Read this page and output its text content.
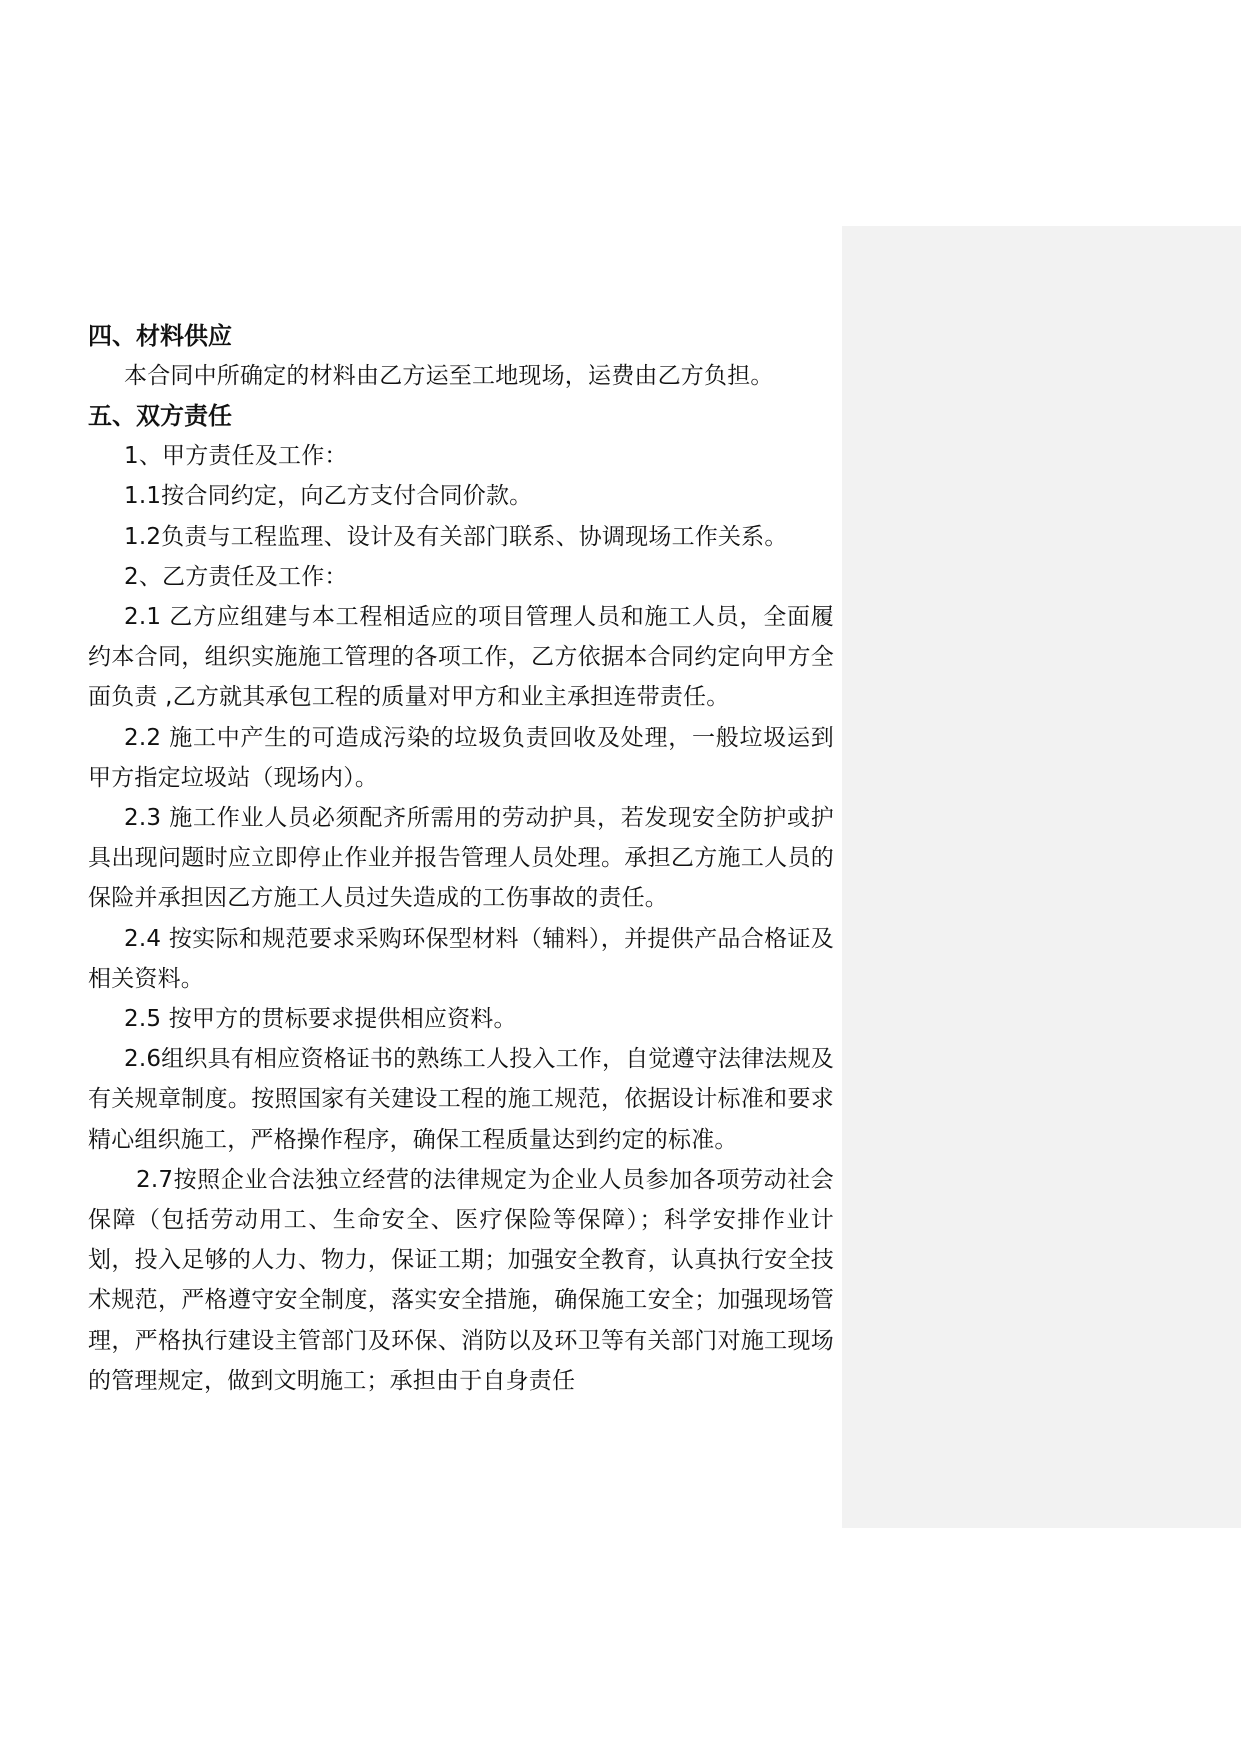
四、材料供应

本合同中所确定的材料由乙方运至工地现场，运费由乙方负担。

五、双方责任

1、甲方责任及工作：

1.1按合同约定，向乙方支付合同价款。

1.2负责与工程监理、设计及有关部门联系、协调现场工作关系。

2、乙方责任及工作：

2.1 乙方应组建与本工程相适应的项目管理人员和施工人员，全面履约本合同，组织实施施工管理的各项工作，乙方依据本合同约定向甲方全面负责 ,乙方就其承包工程的质量对甲方和业主承担连带责任。

2.2 施工中产生的可造成污染的垃圾负责回收及处理，一般垃圾运到甲方指定垃圾站（现场内）。

2.3 施工作业人员必须配齐所需用的劳动护具，若发现安全防护或护具出现问题时应立即停止作业并报告管理人员处理。承担乙方施工人员的保险并承担因乙方施工人员过失造成的工伤事故的责任。

2.4 按实际和规范要求采购环保型材料（辅料），并提供产品合格证及相关资料。

2.5 按甲方的贯标要求提供相应资料。

2.6组织具有相应资格证书的熟练工人投入工作，自觉遵守法律法规及有关规章制度。按照国家有关建设工程的施工规范，依据设计标准和要求精心组织施工，严格操作程序，确保工程质量达到约定的标准。

2.7按照企业合法独立经营的法律规定为企业人员参加各项劳动社会保障（包括劳动用工、生命安全、医疗保险等保障）；科学安排作业计划，投入足够的人力、物力，保证工期；加强安全教育，认真执行安全技术规范，严格遵守安全制度，落实安全措施，确保施工安全；加强现场管理，严格执行建设主管部门及环保、消防以及环卫等有关部门对施工现场的管理规定，做到文明施工；承担由于自身责任
